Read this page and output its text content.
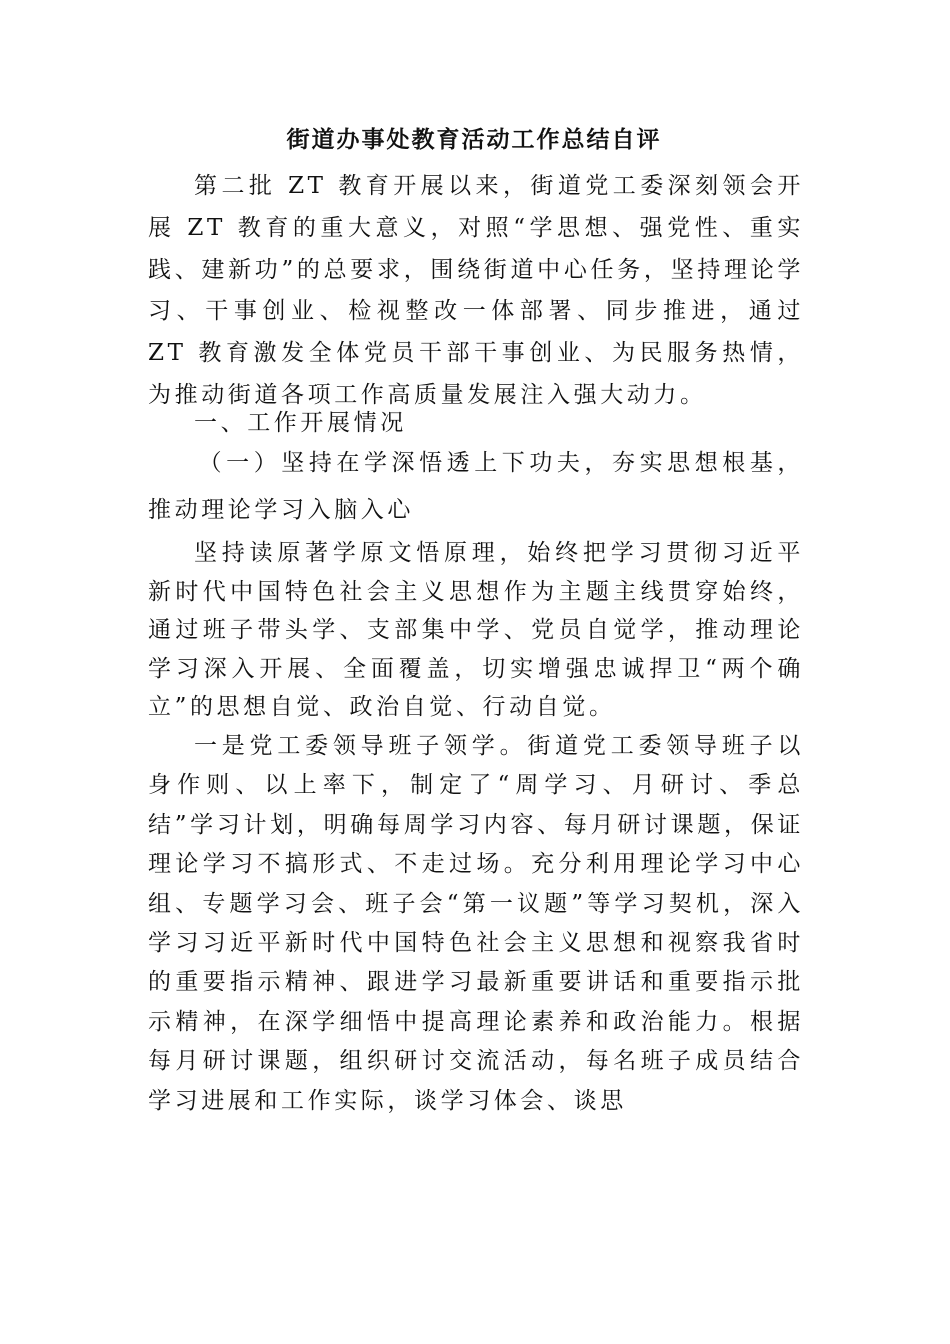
街道办事处教育活动工作总结自评

第二批 ZT 教育开展以来，街道党工委深刻领会开展 ZT 教育的重大意义，对照“学思想、强党性、重实践、建新功”的总要求，围绕街道中心任务，坚持理论学习、干事创业、检视整改一体部署、同步推进，通过 ZT 教育激发全体党员干部干事创业、为民服务热情，为推动街道各项工作高质量发展注入强大动力。

一、工作开展情况

（一）坚持在学深悟透上下功夫，夯实思想根基，推动理论学习入脑入心

坚持读原著学原文悟原理，始终把学习贯彻习近平新时代中国特色社会主义思想作为主题主线贯穿始终，通过班子带头学、支部集中学、党员自觉学，推动理论学习深入开展、全面覆盖，切实增强忠诚捍卫“两个确立”的思想自觉、政治自觉、行动自觉。

一是党工委领导班子领学。街道党工委领导班子以身作则、以上率下，制定了“周学习、月研讨、季总结”学习计划，明确每周学习内容、每月研讨课题，保证理论学习不搞形式、不走过场。充分利用理论学习中心组、专题学习会、班子会“第一议题”等学习契机，深入学习习近平新时代中国特色社会主义思想和视察我省时的重要指示精神、跟进学习最新重要讲话和重要指示批示精神，在深学细悟中提高理论素养和政治能力。根据每月研讨课题，组织研讨交流活动，每名班子成员结合学习进展和工作实际，谈学习体会、谈思
